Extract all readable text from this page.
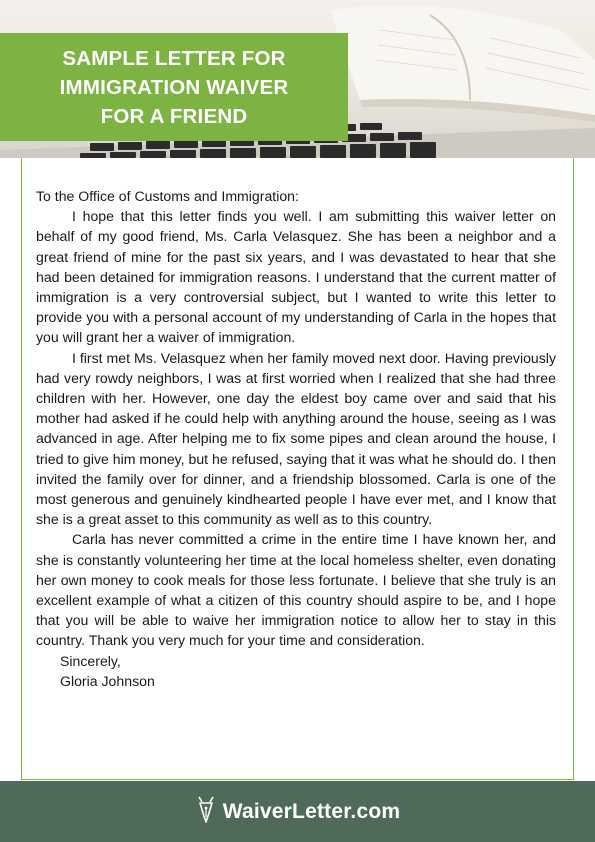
SAMPLE LETTER FOR
IMMIGRATION WAIVER
FOR A FRIEND

To the Office of Customs and Immigration:

I hope that this letter finds you well. I am submitting this waiver letter on behalf of my good friend, Ms. Carla Velasquez. She has been a neighbor and a great friend of mine for the past six years, and I was devastated to hear that she had been detained for immigration reasons. I understand that the current matter of immigration is a very controversial subject, but I wanted to write this letter to provide you with a personal account of my understanding of Carla in the hopes that you will grant her a waiver of immigration.

I first met Ms. Velasquez when her family moved next door. Having previously had very rowdy neighbors, I was at first worried when I realized that she had three children with her. However, one day the eldest boy came over and said that his mother had asked if he could help with anything around the house, seeing as I was advanced in age. After helping me to fix some pipes and clean around the house, I tried to give him money, but he refused, saying that it was what he should do. I then invited the family over for dinner, and a friendship blossomed. Carla is one of the most generous and genuinely kindhearted people I have ever met, and I know that she is a great asset to this community as well as to this country.

Carla has never committed a crime in the entire time I have known her, and she is constantly volunteering her time at the local homeless shelter, even donating her own money to cook meals for those less fortunate. I believe that she truly is an excellent example of what a citizen of this country should aspire to be, and I hope that you will be able to waive her immigration notice to allow her to stay in this country. Thank you very much for your time and consideration.

Sincerely,

Gloria Johnson

WaiverLetter.com
